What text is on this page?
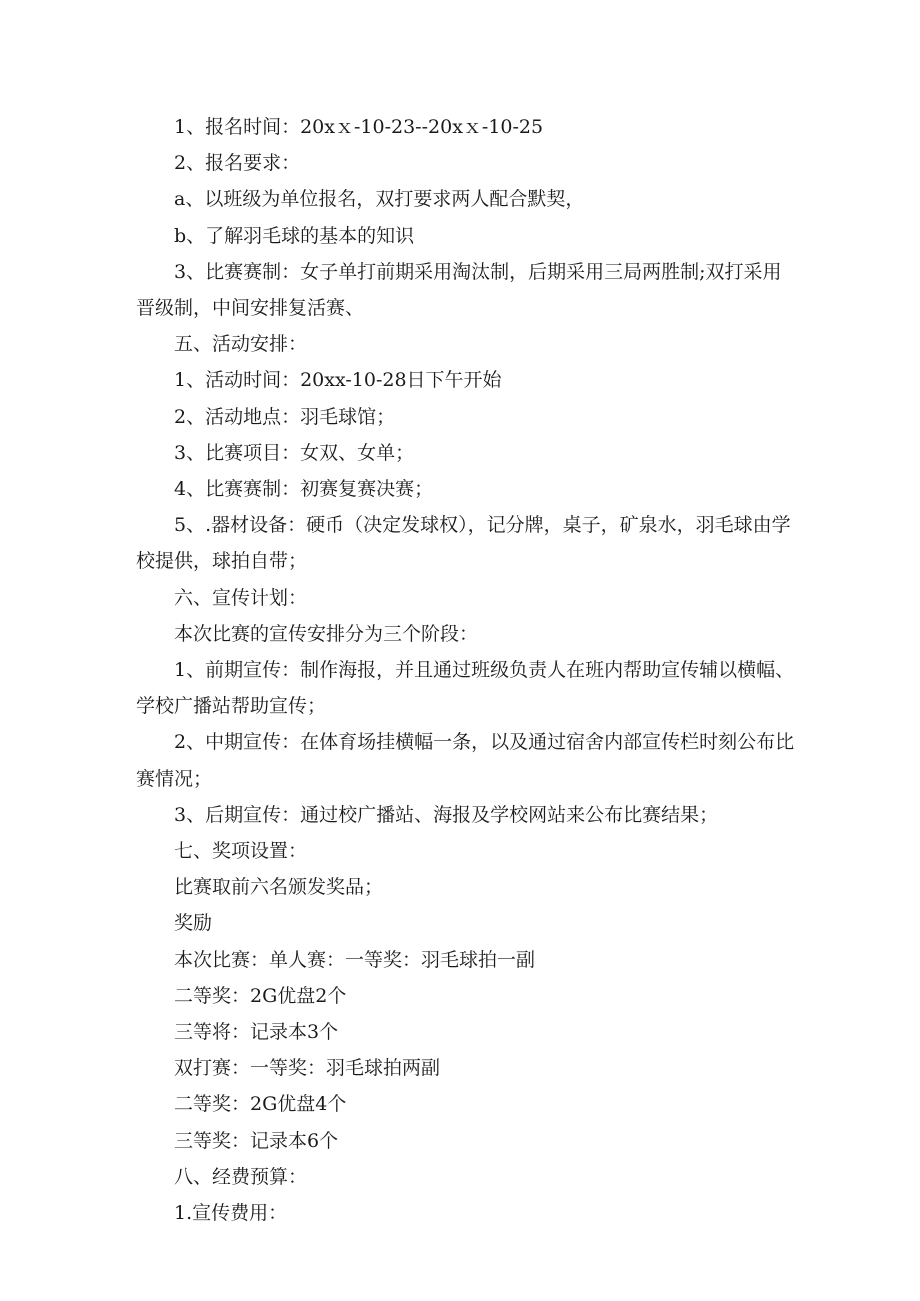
1、报名时间：20xｘ-10-23--20xｘ-10-25

2、报名要求：

a、以班级为单位报名，双打要求两人配合默契，

b、了解羽毛球的基本的知识

3、比赛赛制：女子单打前期采用淘汰制，后期采用三局两胜制;双打采用晋级制，中间安排复活赛、

五、活动安排：

1、活动时间：20xx-10-28日下午开始

2、活动地点：羽毛球馆；

3、比赛项目：女双、女单；

4、比赛赛制：初赛复赛决赛；

5、.器材设备：硬币（决定发球权），记分牌，桌子，矿泉水，羽毛球由学校提供，球拍自带；

六、宣传计划：

本次比赛的宣传安排分为三个阶段：

1、前期宣传：制作海报，并且通过班级负责人在班内帮助宣传辅以横幅、学校广播站帮助宣传；

2、中期宣传：在体育场挂横幅一条，以及通过宿舍内部宣传栏时刻公布比赛情况；

3、后期宣传：通过校广播站、海报及学校网站来公布比赛结果；

七、奖项设置：

比赛取前六名颁发奖品；

奖励

本次比赛：单人赛：一等奖：羽毛球拍一副

二等奖：2G优盘2个

三等将：记录本3个

双打赛：一等奖：羽毛球拍两副

二等奖：2G优盘4个

三等奖：记录本6个

八、经费预算：

1.宣传费用：
